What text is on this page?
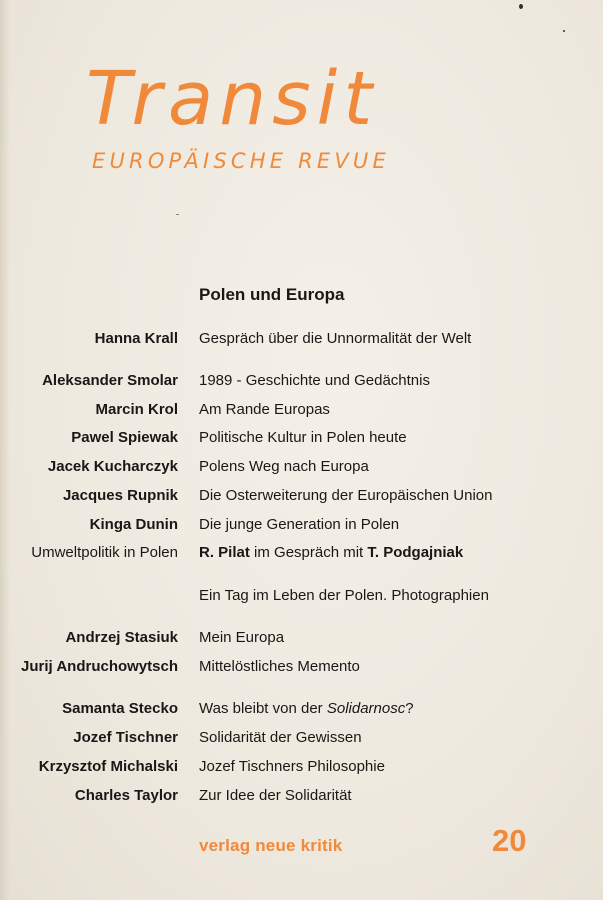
Transit
EUROPÄISCHE REVUE
Polen und Europa
Hanna Krall Gespräch über die Unnormalität der Welt
Aleksander Smolar 1989 - Geschichte und Gedächtnis
Marcin Krol Am Rande Europas
Pawel Spiewak Politische Kultur in Polen heute
Jacek Kucharczyk Polens Weg nach Europa
Jacques Rupnik Die Osterweiterung der Europäischen Union
Kinga Dunin Die junge Generation in Polen
Umweltpolitik in Polen R. Pilat im Gespräch mit T. Podgajniak
Ein Tag im Leben der Polen. Photographien
Andrzej Stasiuk Mein Europa
Jurij Andruchowytsch Mittelöstliches Memento
Samanta Stecko Was bleibt von der Solidarnosc?
Jozef Tischner Solidarität der Gewissen
Krzysztof Michalski Jozef Tischners Philosophie
Charles Taylor Zur Idee der Solidarität
verlag neue kritik	20
